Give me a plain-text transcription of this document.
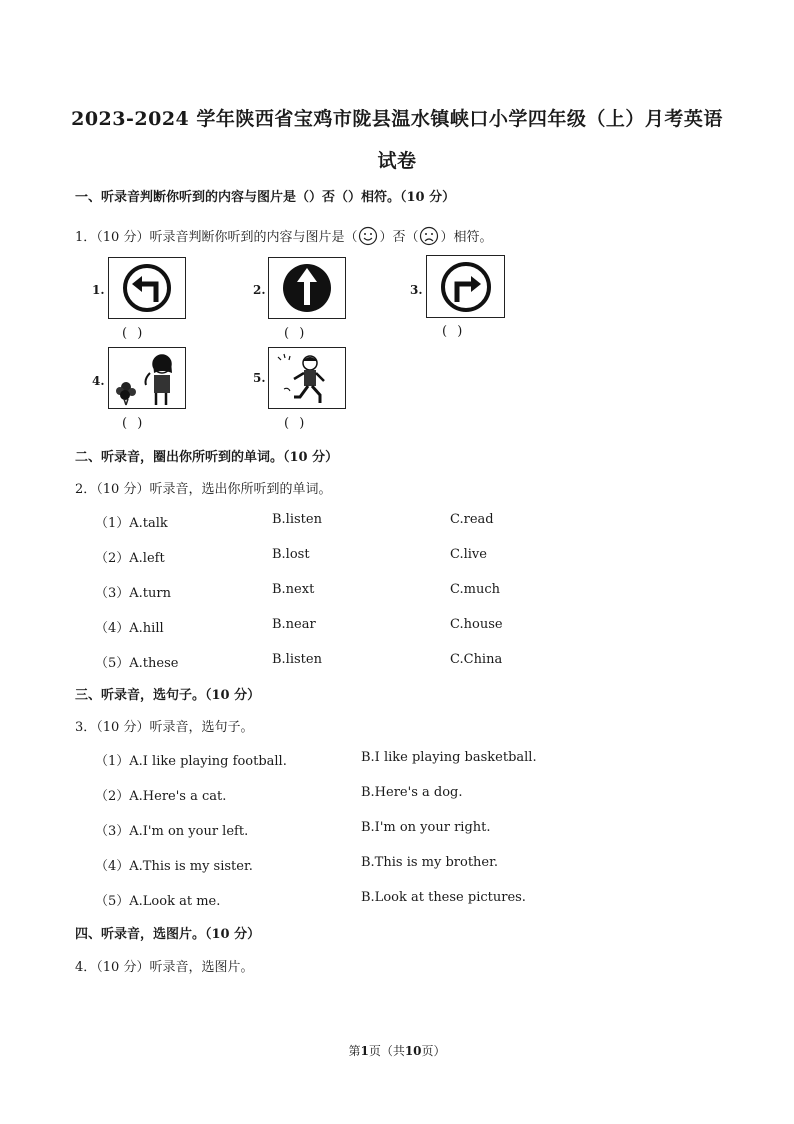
2023-2024 学年陕西省宝鸡市陇县温水镇峡口小学四年级（上）月考英语
试卷
一、听录音判断你听到的内容与图片是（）否（）相符。（10 分）
1．（10 分）听录音判断你听到的内容与图片是（ ）否（ ）相符。
1.
( )
2.
( )
3.
( )
4.
( )
5.
( )
二、听录音，圈出你所听到的单词。（10 分）
2．（10 分）听录音，选出你所听到的单词。
（1）A.talk	B.listen	C.read
（2）A.left	B.lost	C.live
（3）A.turn	B.next	C.much
（4）A.hill	B.near	C.house
（5）A.these	B.listen	C.China
三、听录音，选句子。（10 分）
3．（10 分）听录音，选句子。
（1）A.I like playing football.	B.I like playing basketball.
（2）A.Here's a cat.	B.Here's a dog.
（3）A.I'm on your left.	B.I'm on your right.
（4）A.This is my sister.	B.This is my brother.
（5）A.Look at me.	B.Look at these pictures.
四、听录音，选图片。（10 分）
4．（10 分）听录音，选图片。
第1页（共10页）
